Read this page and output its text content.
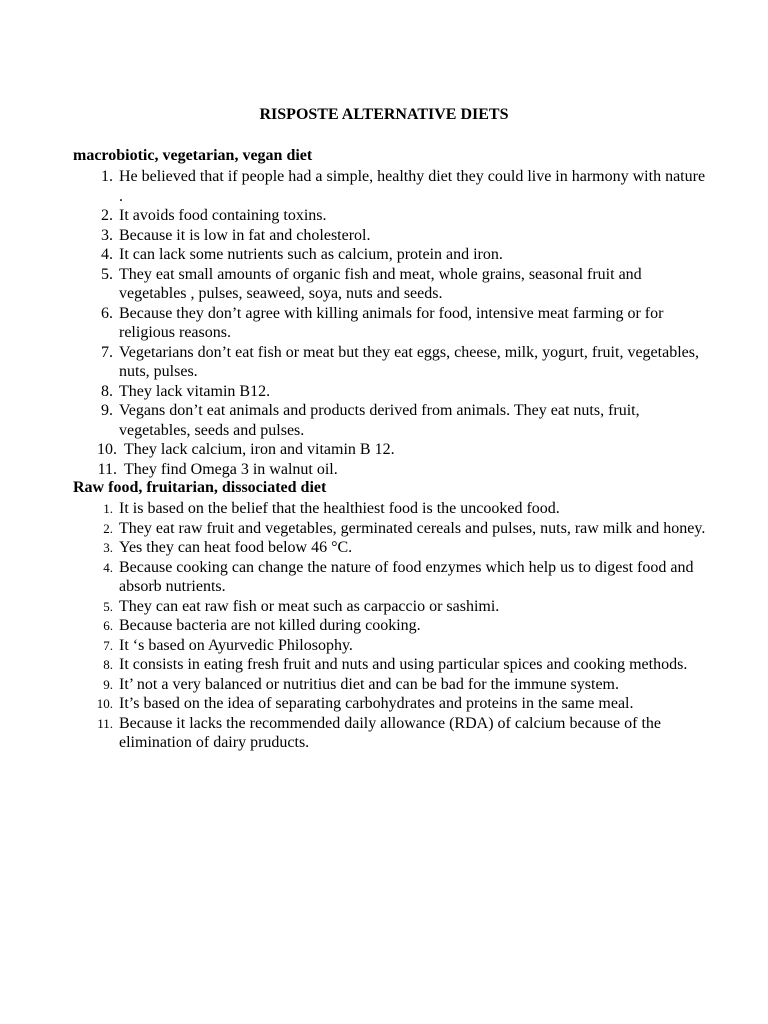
RISPOSTE ALTERNATIVE DIETS
macrobiotic, vegetarian, vegan diet
1. He believed that if people had a simple, healthy diet they could live in harmony with nature .
2. It avoids food containing toxins.
3. Because it is low in fat and cholesterol.
4. It can lack some nutrients such as calcium, protein and iron.
5. They eat small amounts of organic fish and meat, whole grains, seasonal fruit and vegetables , pulses, seaweed, soya, nuts and seeds.
6. Because they don’t agree with killing animals for food, intensive meat farming or for religious reasons.
7. Vegetarians don’t eat fish or meat but they eat eggs, cheese, milk, yogurt, fruit, vegetables, nuts, pulses.
8. They lack vitamin B12.
9. Vegans don’t eat animals and products derived from animals. They eat nuts, fruit, vegetables, seeds and pulses.
10. They lack calcium, iron and vitamin B 12.
11. They find Omega 3 in walnut oil.
Raw food, fruitarian, dissociated diet
1. It is based on the belief that the healthiest food is the uncooked food.
2. They eat raw fruit and vegetables, germinated cereals and pulses, nuts, raw milk and honey.
3. Yes they can heat food below 46 °C.
4. Because cooking can change the nature of food enzymes which help us to digest food and absorb nutrients.
5. They can eat raw fish or meat such as carpaccio or sashimi.
6. Because bacteria are not killed during cooking.
7. It ‘s based on Ayurvedic Philosophy.
8. It consists in eating fresh fruit and nuts and using particular spices and cooking methods.
9. It’ not a very balanced or nutritius diet and can be bad for the immune system.
10. It’s based on the idea of separating carbohydrates and proteins in the same meal.
11. Because it lacks the recommended daily allowance (RDA) of calcium because of the elimination of dairy pruducts.
